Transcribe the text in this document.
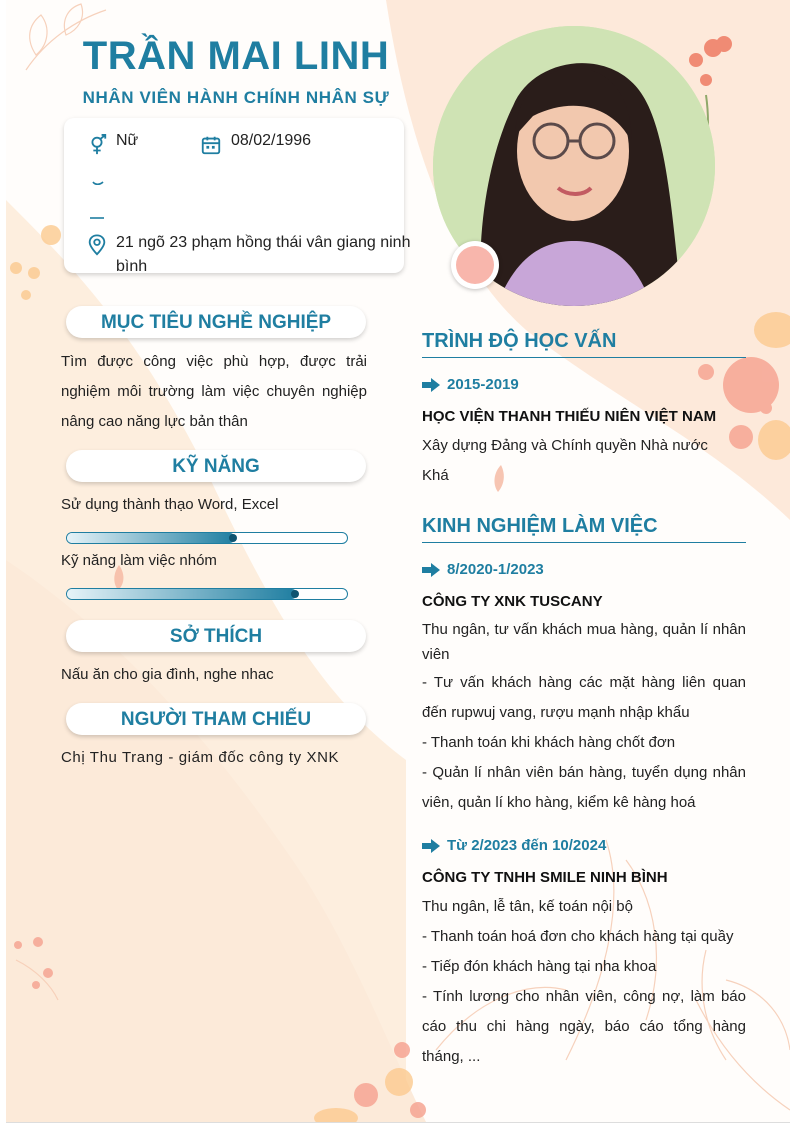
TRẦN MAI LINH
NHÂN VIÊN HÀNH CHÍNH NHÂN SỰ
Nữ	08/02/1996
21 ngõ 23 phạm hồng thái vân giang ninh bình
MỤC TIÊU NGHỀ NGHIỆP
Tìm được công việc phù hợp, được trải nghiệm môi trường làm việc chuyên nghiệp nâng cao năng lực bản thân
KỸ NĂNG
Sử dụng thành thạo Word, Excel
Kỹ năng làm việc nhóm
SỞ THÍCH
Nấu ăn cho gia đình, nghe nhac
NGƯỜI THAM CHIẾU
Chị Thu Trang - giám đốc công ty XNK
TRÌNH ĐỘ HỌC VẤN
2015-2019
HỌC VIỆN THANH THIẾU NIÊN VIỆT NAM
Xây dựng Đảng và Chính quyền Nhà nước
Khá
KINH NGHIỆM LÀM VIỆC
8/2020-1/2023
CÔNG TY XNK TUSCANY
Thu ngân, tư vấn khách mua hàng, quản lí nhân viên
- Tư vấn khách hàng các mặt hàng liên quan đến rupwuj vang, rượu mạnh nhập khẩu
- Thanh toán khi khách hàng chốt đơn
- Quản lí nhân viên bán hàng, tuyển dụng nhân viên, quản lí kho hàng, kiểm kê hàng hoá
Từ 2/2023 đến 10/2024
CÔNG TY TNHH SMILE NINH BÌNH
Thu ngân, lễ tân, kế toán nội bộ
- Thanh toán hoá đơn cho khách hàng tại quầy
- Tiếp đón khách hàng tại nha khoa
- Tính lương cho nhân viên, công nợ, làm báo cáo thu chi hàng ngày, báo cáo tổng hàng tháng, ...
